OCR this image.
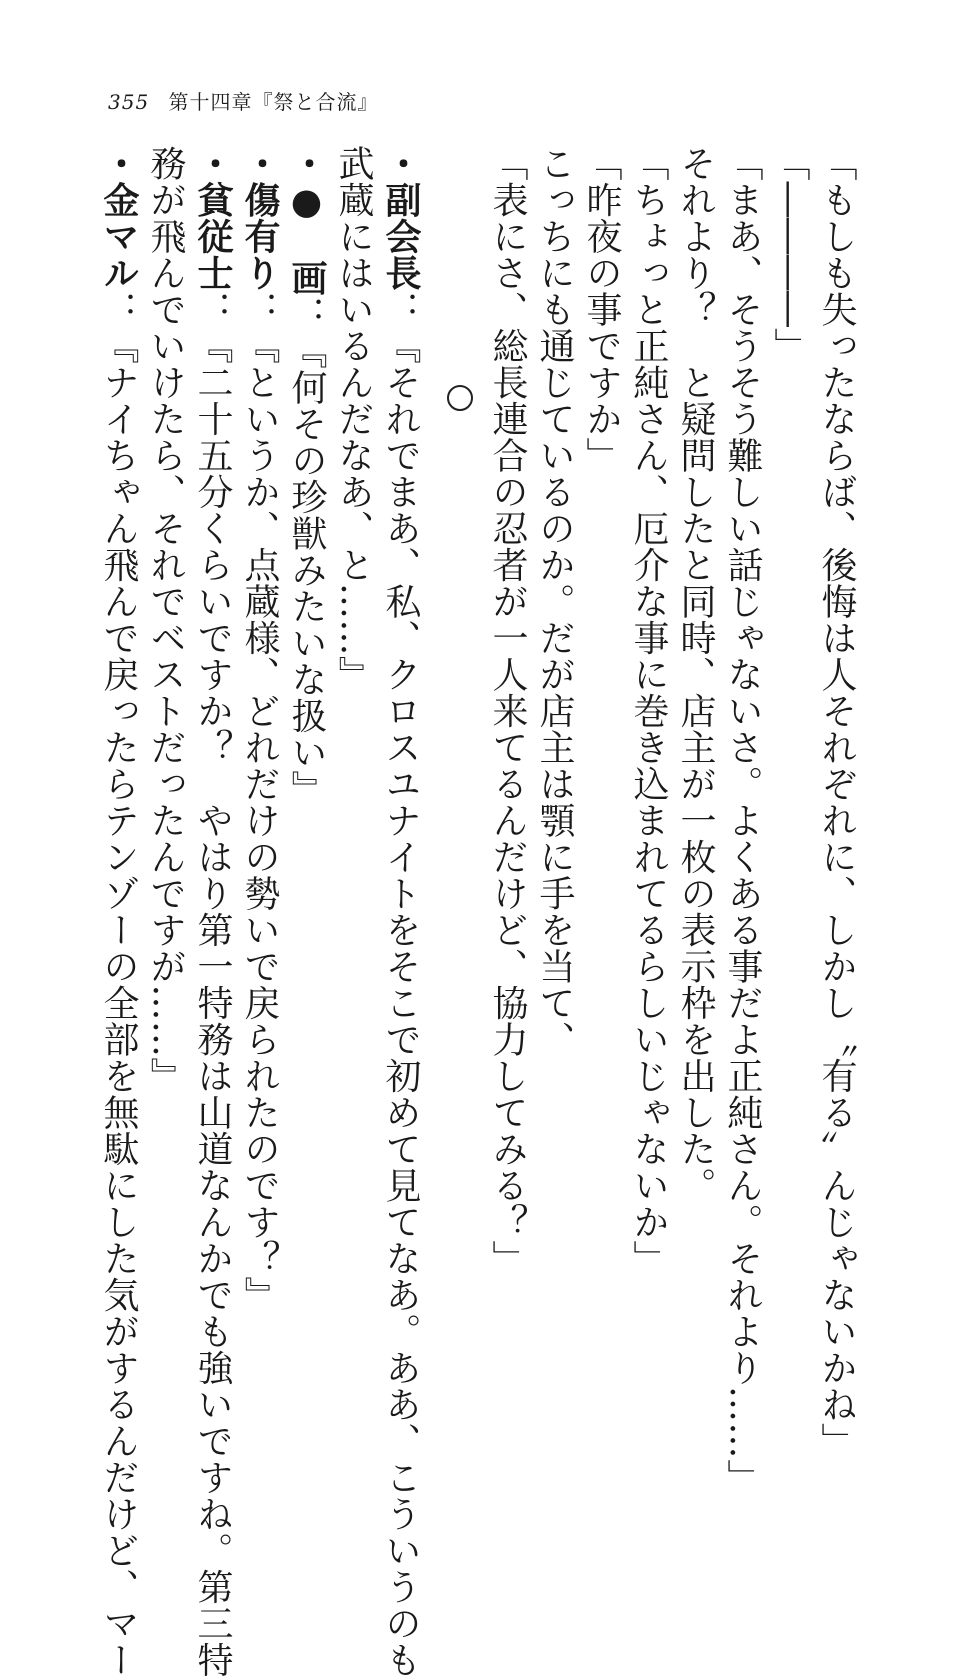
355 第十四章『祭と合流』
「もしも失ったならば、後悔は人それぞれに、しかし〝有る〟んじゃないかね」
「――――」
「まあ、そうそう難しい話じゃないさ。よくある事だよ正純さん。それより……」
それより？　と疑問したと同時、店主が一枚の表示枠を出した。
「ちょっと正純さん、厄介な事に巻き込まれてるらしいじゃないか」
「昨夜の事ですか」
こっちにも通じているのか。だが店主は顎に手を当て、
「表にさ、総長連合の忍者が一人来てるんだけど、協力してみる？」
・副会長：『それでまあ、私、クロスユナイトをそこで初めて見てなあ。ああ、こういうのも
武蔵にはいるんだなあ、と……』
・●　画：『何その珍獣みたいな扱い』
・傷有り：『というか、点蔵様、どれだけの勢いで戻られたのです？』
・貧従士：『二十五分くらいですか？　やはり第一特務は山道なんかでも強いですね。第三特
務が飛んでいけたら、それでベストだったんですが……』
・金マル：『ナイちゃん飛んで戻ったらテンゾーの全部を無駄にした気がするんだけど、マー
